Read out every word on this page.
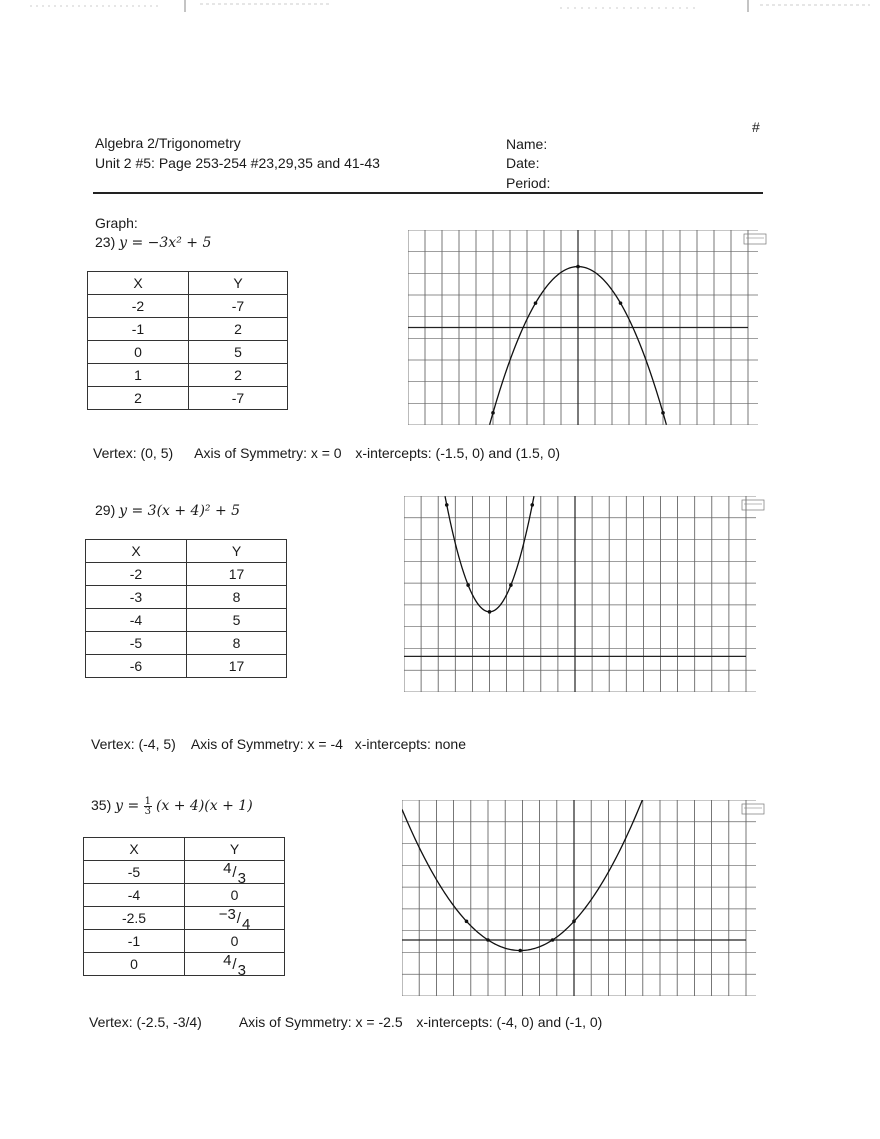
#
Algebra 2/Trigonometry
Unit 2 #5: Page 253-254 #23,29,35 and 41-43
Name:
Date:
Period:
Graph:
23) y = −3x² + 5
X	Y
-2	-7
-1	2
0	5
1	2
2	-7
Vertex: (0, 5) Axis of Symmetry: x = 0 x-intercepts: (-1.5, 0) and (1.5, 0)
29) y = 3(x + 4)² + 5
X	Y
-2	17
-3	8
-4	5
-5	8
-6	17
Vertex: (-4, 5) Axis of Symmetry: x = -4 x-intercepts: none
35) $y = \frac{1}{3} (x + 4)(x + 1)$
X	Y
-5	4/3
-4	0
-2.5	−3/4
-1	0
0	4/3
Vertex: (-2.5, -3/4)	Axis of Symmetry: x = -2.5 x-intercepts: (-4, 0) and (-1, 0)
